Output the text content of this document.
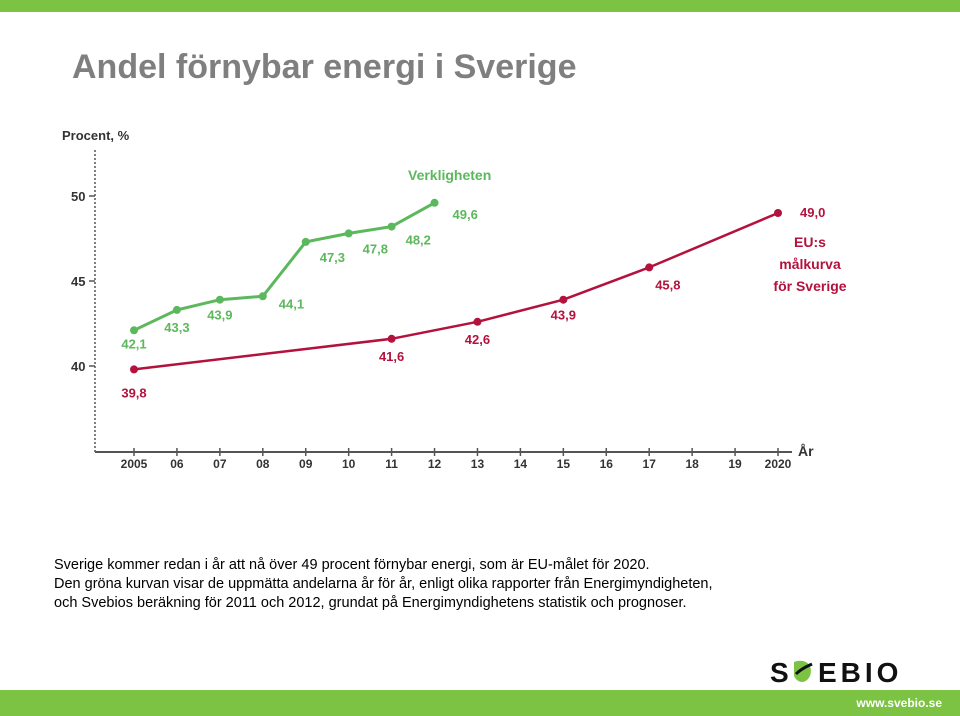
Andel förnybar energi i Sverige
Procent, %
40
45
50
2005 06 07 08 09 10 11 12 13 14 15 16 17 18 19 2020
År
42,1
43,3
43,9
44,1
47,3
47,8
48,2
49,6
39,8
41,6
42,6
43,9
45,8
49,0
Verkligheten
EU:s
målkurva
för Sverige

Sverige kommer redan i år att nå över 49 procent förnybar energi, som är EU-målet för 2020.

Den gröna kurvan visar de uppmätta andelarna år för år, enligt olika rapporter från Energimyndigheten,

och Svebios beräkning för 2011 och 2012, grundat på Energimyndighetens statistik och prognoser.

S EBIO
www.svebio.se
